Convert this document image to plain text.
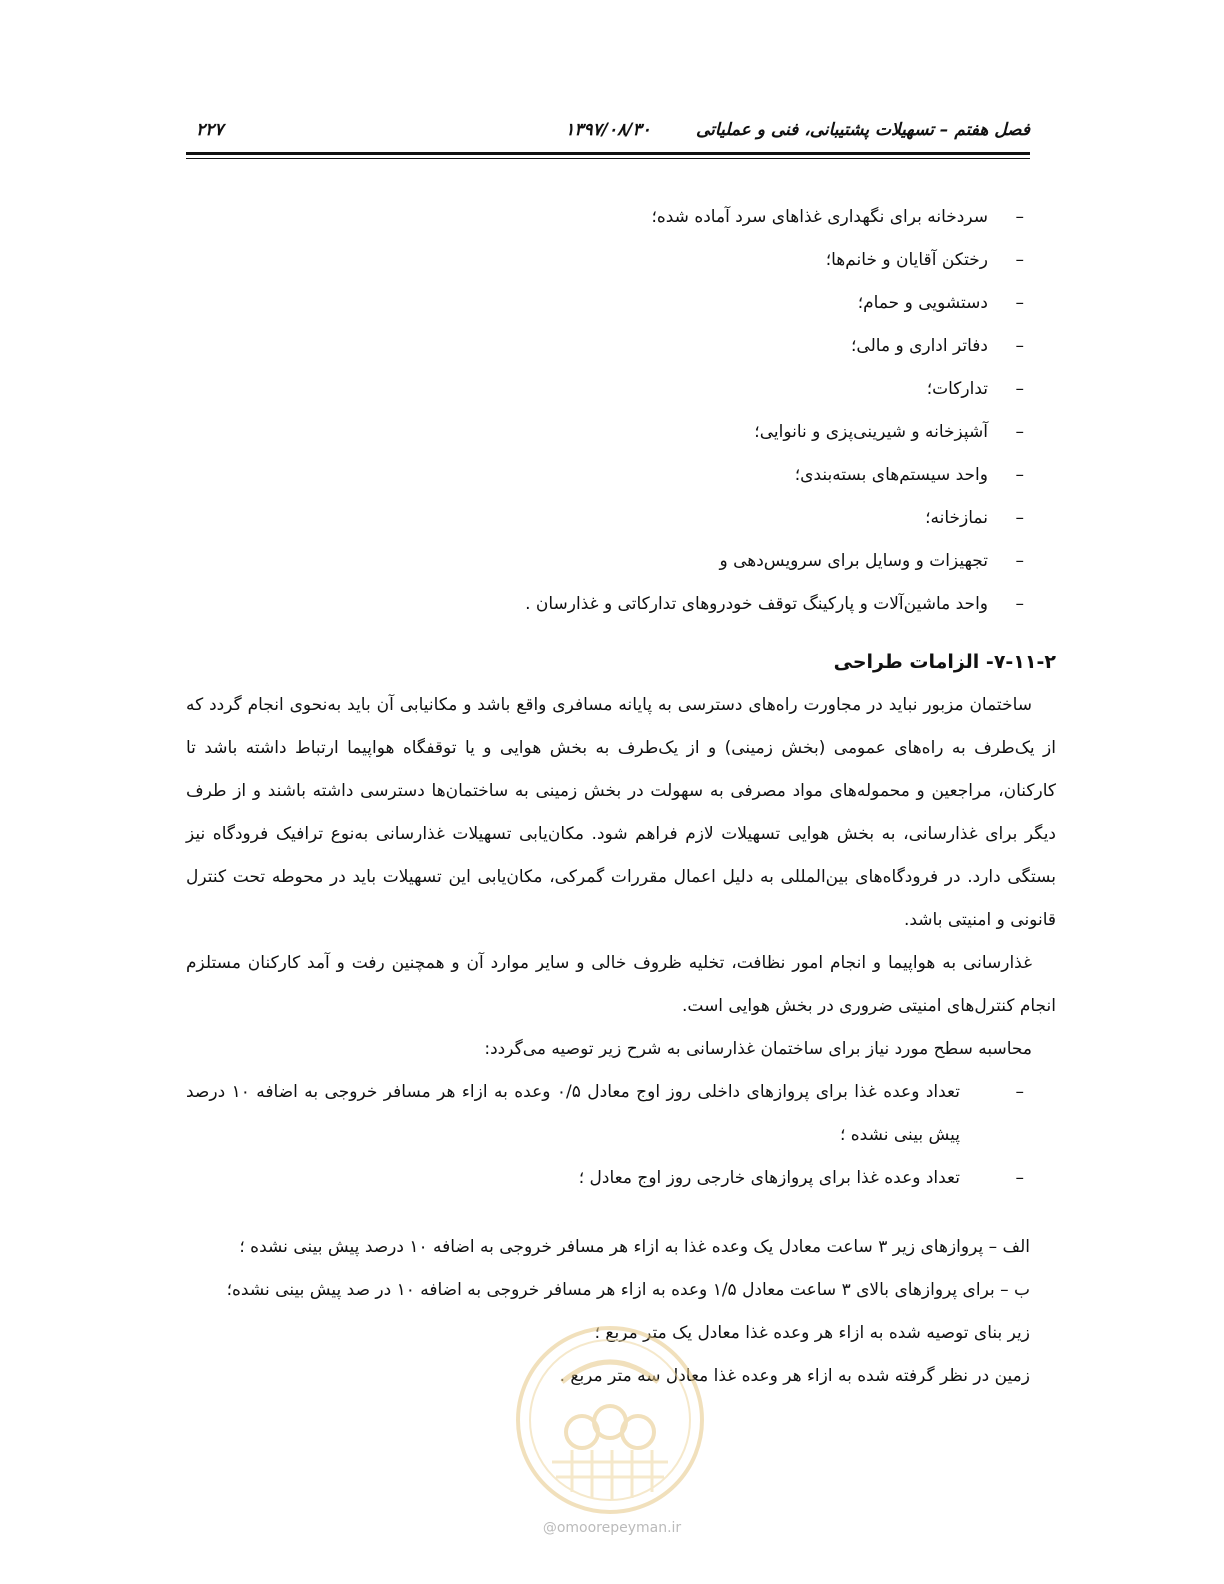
فصل هفتم – تسهیلات پشتیبانی، فنی و عملیاتی
۱۳۹۷/۰۸/۳۰
۲۲۷
– سردخانه برای نگهداری غذاهای سرد آماده شده؛
– رختکن آقایان و خانم‌ها؛
– دستشویی و حمام؛
– دفاتر اداری و مالی؛
– تدارکات؛
– آشپزخانه و شیرینی‌پزی و نانوایی؛
– واحد سیستم‌های بسته‌بندی؛
– نمازخانه؛
– تجهیزات و وسایل برای سرویس‌دهی و
– واحد ماشین‌آلات و پارکینگ توقف خودروهای تدارکاتی و غذارسان .
۷-۱۱-۲- الزامات طراحی

ساختمان مزبور نباید در مجاورت راه‌های دسترسی به پایانه مسافری واقع باشد و مکانیابی آن باید به‌نحوی انجام گردد که از یک‌طرف به راه‌های عمومی (بخش زمینی) و از یک‌طرف به بخش هوایی و یا توقفگاه هواپیما ارتباط داشته باشد تا کارکنان، مراجعین و محموله‌های مواد مصرفی به سهولت در بخش زمینی به ساختمان‌ها دسترسی داشته باشند و از طرف دیگر برای غذارسانی، به بخش هوایی تسهیلات لازم فراهم شود. مکان‌یابی تسهیلات غذارسانی به‌نوع ترافیک فرودگاه نیز بستگی دارد. در فرودگاه‌های بین‌المللی به دلیل اعمال مقررات گمرکی، مکان‌یابی این تسهیلات باید در محوطه تحت کنترل قانونی و امنیتی باشد.

غذارسانی به هواپیما و انجام امور نظافت، تخلیه ظروف خالی و سایر موارد آن و همچنین رفت و آمد کارکنان مستلزم انجام کنترل‌های امنیتی ضروری در بخش هوایی است.

محاسبه سطح مورد نیاز برای ساختمان غذارسانی به شرح زیر توصیه می‌گردد:

– تعداد وعده غذا برای پروازهای داخلی روز اوج معادل ۰/۵ وعده به ازاء هر مسافر خروجی به اضافه ۱۰ درصد پیش بینی نشده ؛
– تعداد وعده غذا برای پروازهای خارجی روز اوج معادل ؛

الف – پروازهای زیر ۳ ساعت معادل یک وعده غذا به ازاء هر مسافر خروجی به اضافه ۱۰ درصد پیش بینی نشده ؛

ب – برای پروازهای بالای ۳ ساعت معادل ۱/۵ وعده به ازاء هر مسافر خروجی به اضافه ۱۰ در صد پیش بینی نشده؛

زیر بنای توصیه شده به ازاء هر وعده غذا معادل یک متر مربع ؛

زمین در نظر گرفته شده به ازاء هر وعده غذا معادل سه متر مربع .

@omoorepeyman.ir
